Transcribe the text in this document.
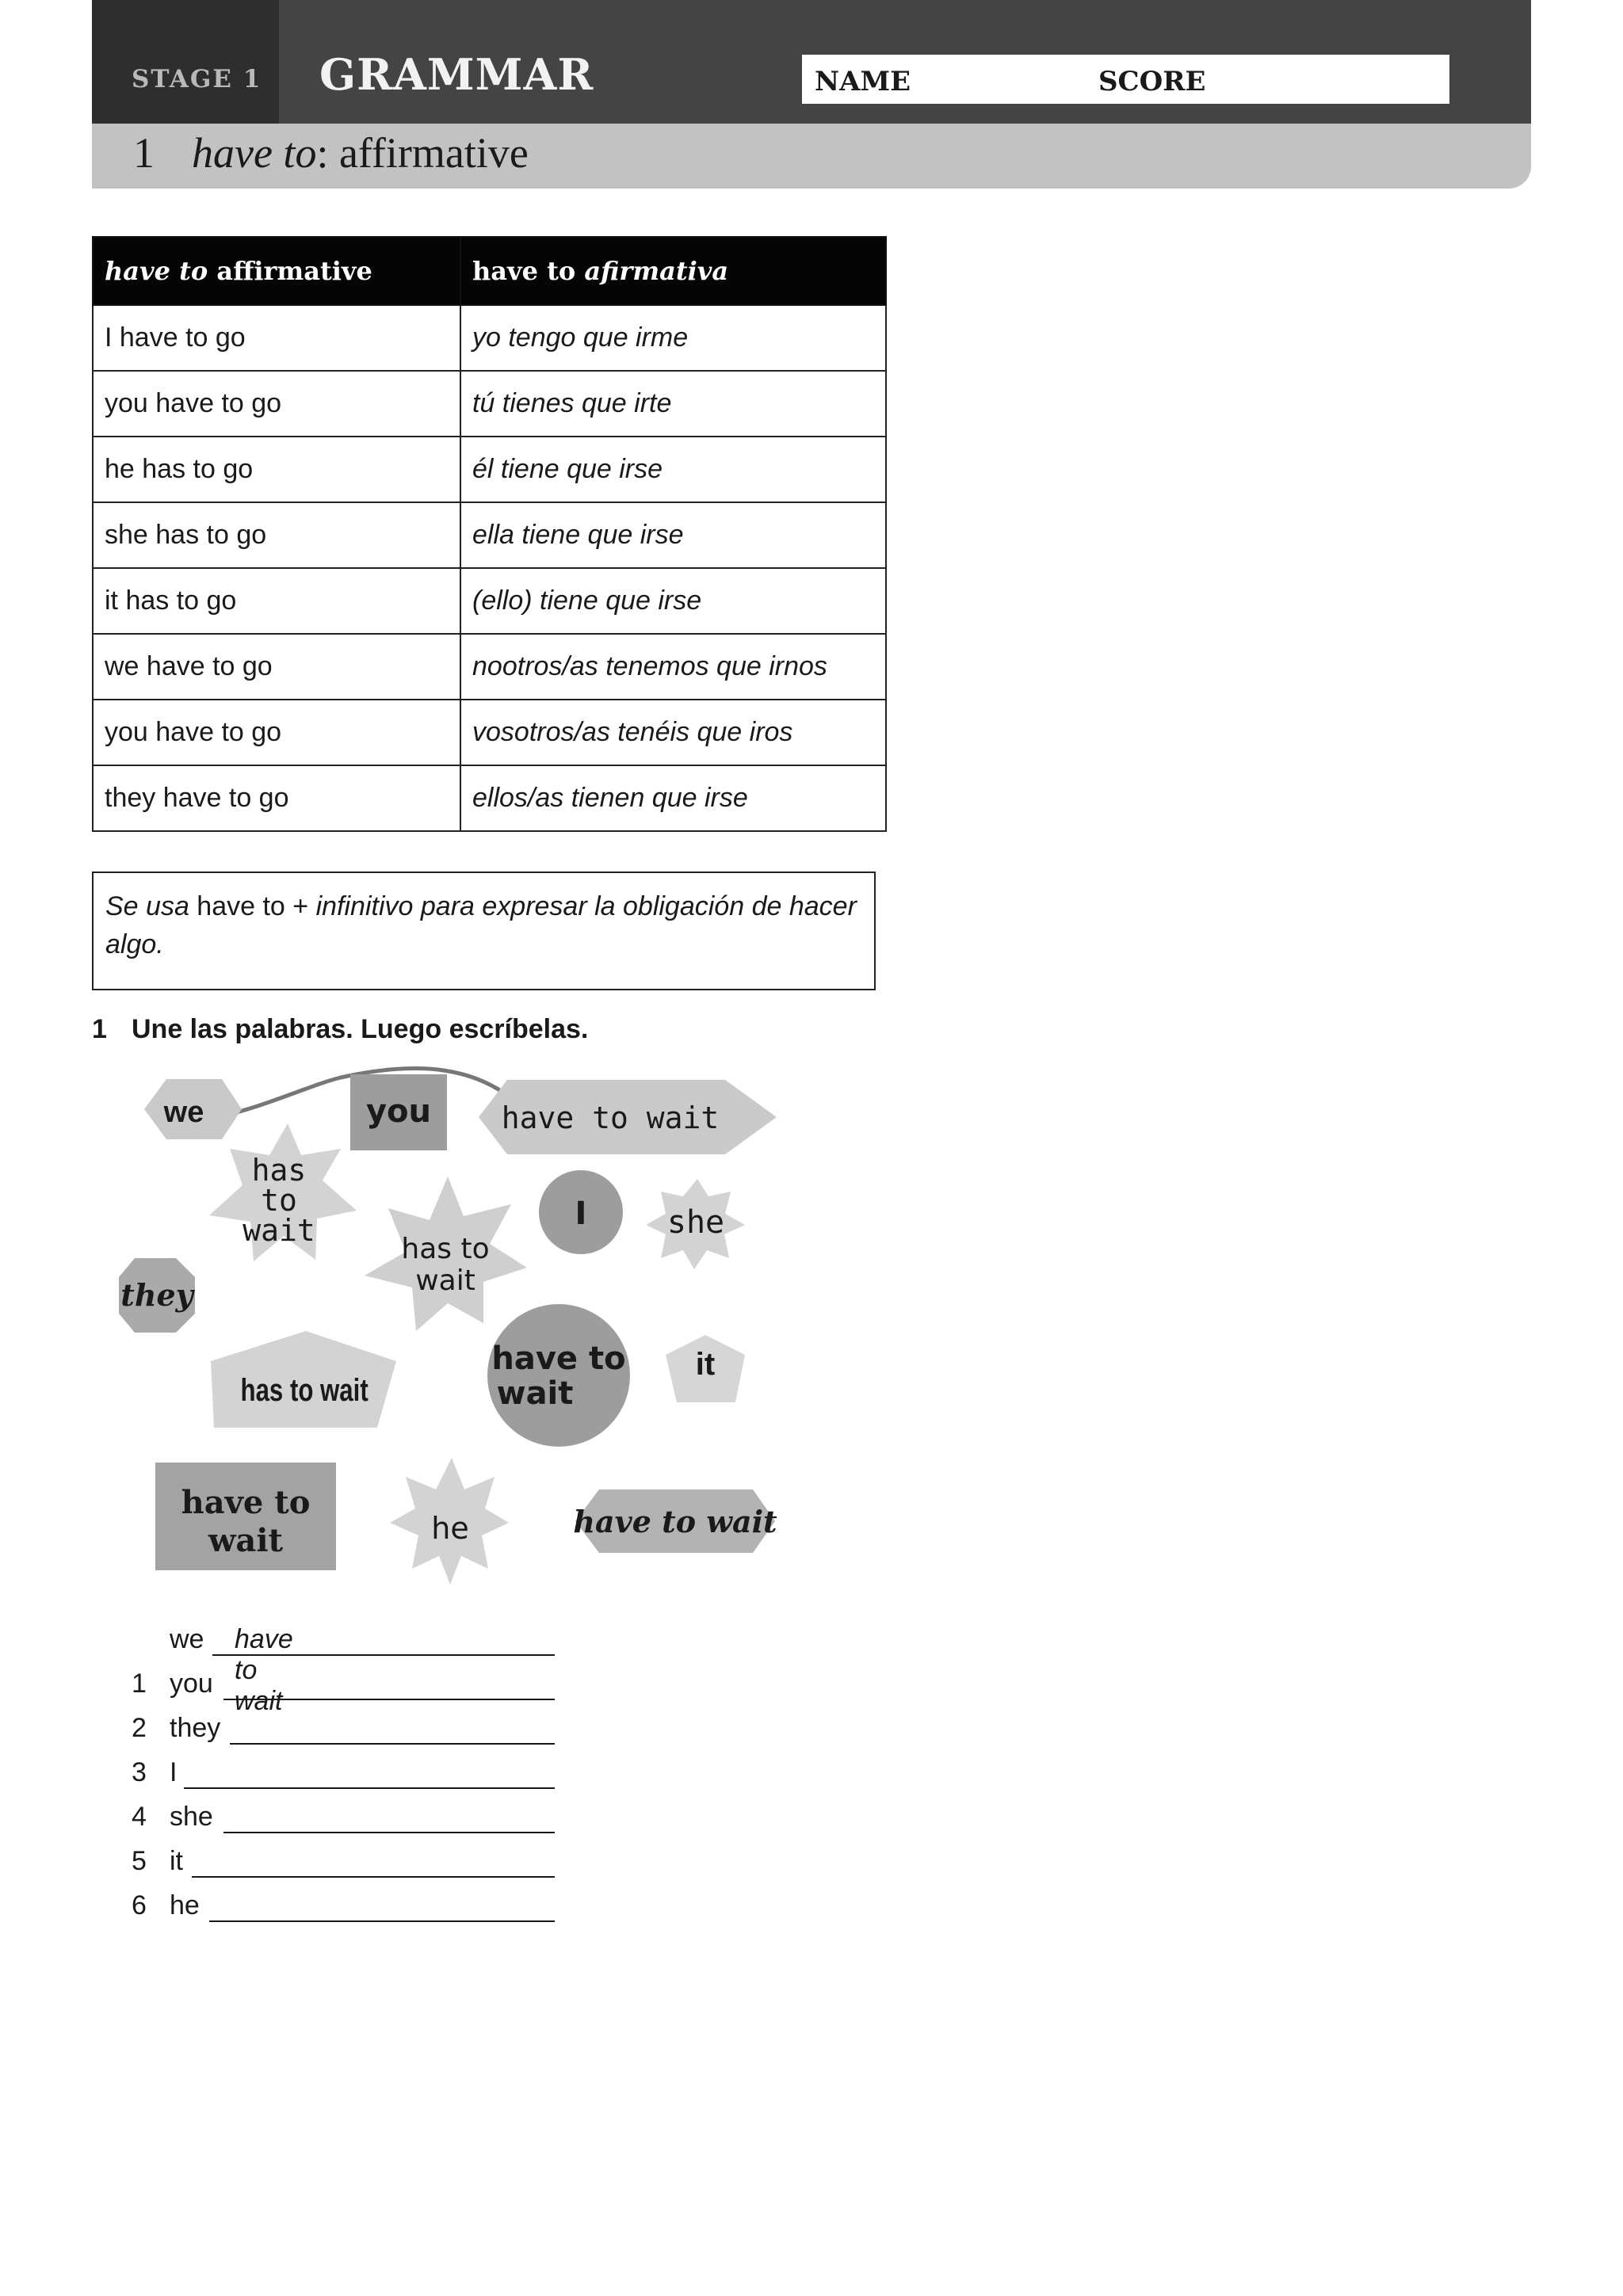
STAGE 1 GRAMMAR	NAME	SCORE
1 have to: affirmative
have to affirmative	have to afirmativa
I have to go	yo tengo que irme
you have to go	tú tienes que irte
he has to go	él tiene que irse
she has to go	ella tiene que irse
it has to go	(ello) tiene que irse
we have to go	nootros/as tenemos que irnos
you have to go	vosotros/as tenéis que iros
they have to go	ellos/as tienen que irse
Se usa have to + infinitivo para expresar la obligación de hacer algo.
1 Une las palabras. Luego escríbelas.
we	you have to wait
has
to
wait	I	she
has to
wait
they
has to wait
have to
wait
it
have to
wait	he	have to wait
we have to wait
1 you
2 they
3 I
4 she
5 it
6 he
